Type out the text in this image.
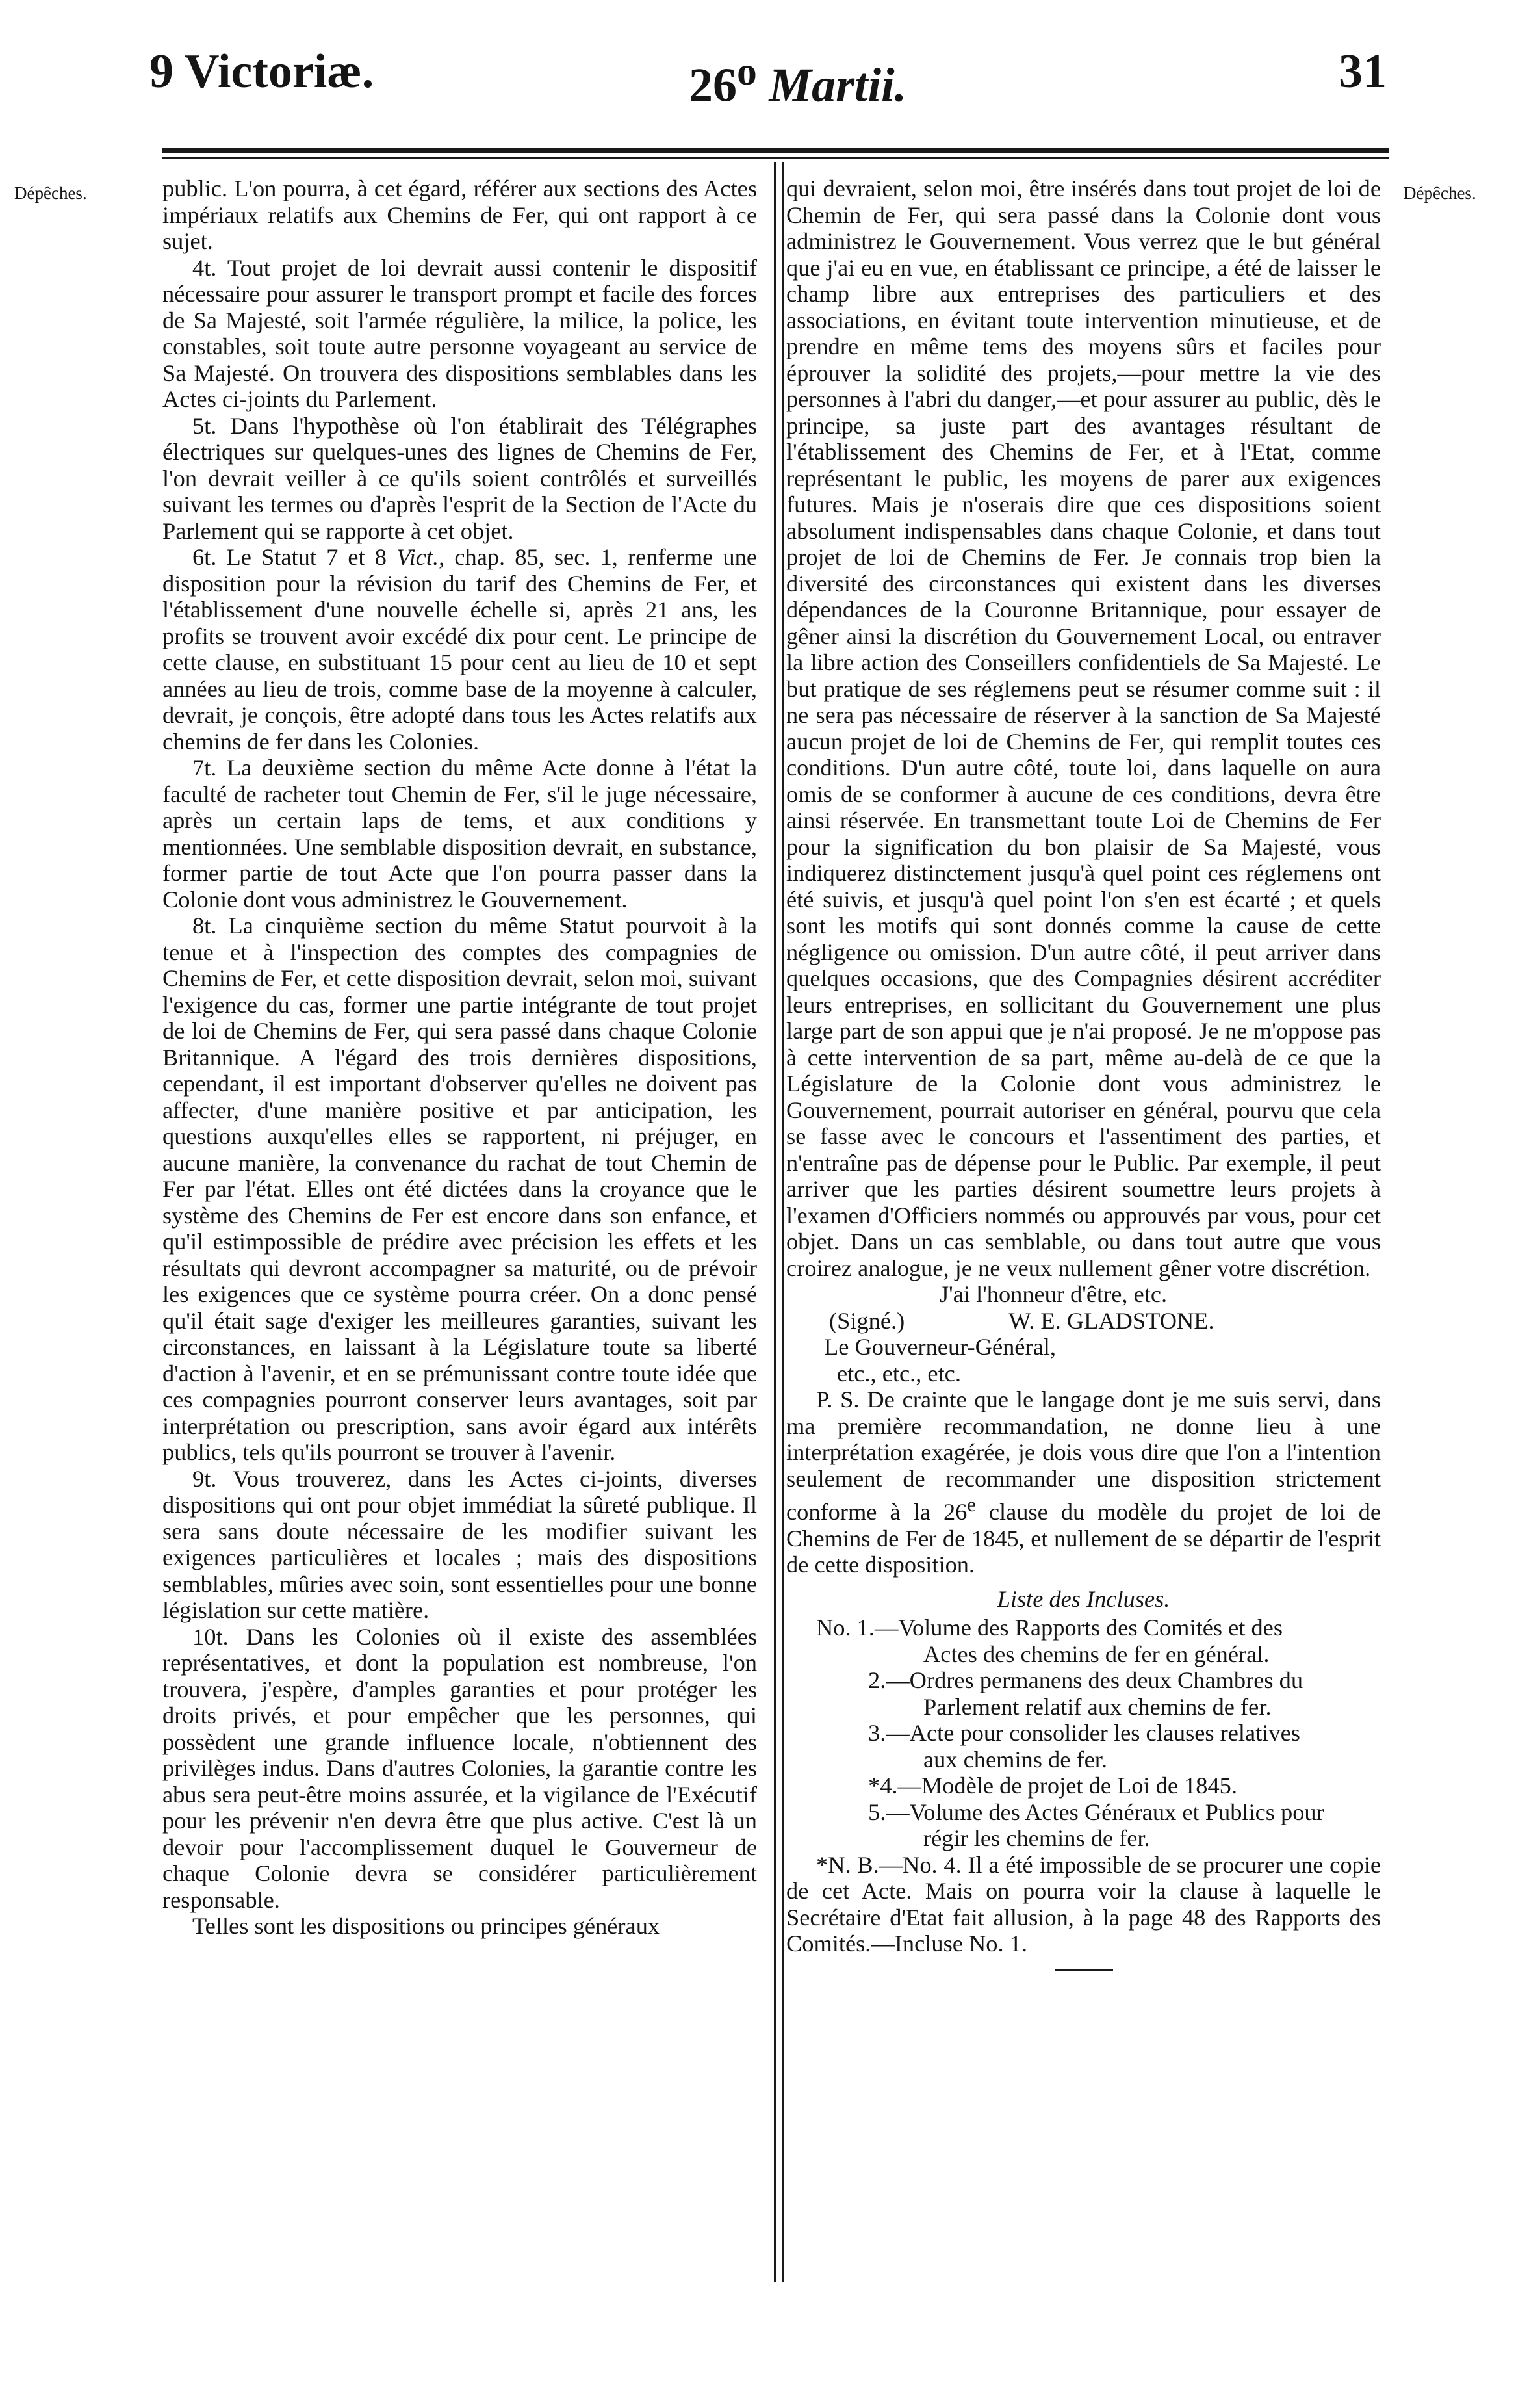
9 Victoriæ.	26$^o$ Martii.	31
Dépêches.	Dépêches.

public. L'on pourra, à cet égard, référer aux sections des Actes impériaux relatifs aux Chemins de Fer, qui ont rapport à ce sujet.

4t. Tout projet de loi devrait aussi contenir le dispositif nécessaire pour assurer le transport prompt et facile des forces de Sa Majesté, soit l'armée régulière, la milice, la police, les constables, soit toute autre personne voyageant au service de Sa Majesté. On trouvera des dispositions semblables dans les Actes ci-joints du Parlement.

5t. Dans l'hypothèse où l'on établirait des Télégraphes électriques sur quelques-unes des lignes de Chemins de Fer, l'on devrait veiller à ce qu'ils soient contrôlés et surveillés suivant les termes ou d'après l'esprit de la Section de l'Acte du Parlement qui se rapporte à cet objet.

6t. Le Statut 7 et 8 Vict., chap. 85, sec. 1, renferme une disposition pour la révision du tarif des Chemins de Fer, et l'établissement d'une nouvelle échelle si, après 21 ans, les profits se trouvent avoir excédé dix pour cent. Le principe de cette clause, en substituant 15 pour cent au lieu de 10 et sept années au lieu de trois, comme base de la moyenne à calculer, devrait, je conçois, être adopté dans tous les Actes relatifs aux chemins de fer dans les Colonies.

7t. La deuxième section du même Acte donne à l'état la faculté de racheter tout Chemin de Fer, s'il le juge nécessaire, après un certain laps de tems, et aux conditions y mentionnées. Une semblable disposition devrait, en substance, former partie de tout Acte que l'on pourra passer dans la Colonie dont vous administrez le Gouvernement.

8t. La cinquième section du même Statut pourvoit à la tenue et à l'inspection des comptes des compagnies de Chemins de Fer, et cette disposition devrait, selon moi, suivant l'exigence du cas, former une partie intégrante de tout projet de loi de Chemins de Fer, qui sera passé dans chaque Colonie Britannique. A l'égard des trois dernières dispositions, cependant, il est important d'observer qu'elles ne doivent pas affecter, d'une manière positive et par anticipation, les questions auxqu'elles elles se rapportent, ni préjuger, en aucune manière, la convenance du rachat de tout Chemin de Fer par l'état. Elles ont été dictées dans la croyance que le système des Chemins de Fer est encore dans son enfance, et qu'il estimpossible de prédire avec précision les effets et les résultats qui devront accompagner sa maturité, ou de prévoir les exigences que ce système pourra créer. On a donc pensé qu'il était sage d'exiger les meilleures garanties, suivant les circonstances, en laissant à la Législature toute sa liberté d'action à l'avenir, et en se prémunissant contre toute idée que ces compagnies pourront conserver leurs avantages, soit par interprétation ou prescription, sans avoir égard aux intérêts publics, tels qu'ils pourront se trouver à l'avenir.

9t. Vous trouverez, dans les Actes ci-joints, diverses dispositions qui ont pour objet immédiat la sûreté publique. Il sera sans doute nécessaire de les modifier suivant les exigences particulières et locales ; mais des dispositions semblables, mûries avec soin, sont essentielles pour une bonne législation sur cette matière.

10t. Dans les Colonies où il existe des assemblées représentatives, et dont la population est nombreuse, l'on trouvera, j'espère, d'amples garanties et pour protéger les droits privés, et pour empêcher que les personnes, qui possèdent une grande influence locale, n'obtiennent des privilèges indus. Dans d'autres Colonies, la garantie contre les abus sera peut-être moins assurée, et la vigilance de l'Exécutif pour les prévenir n'en devra être que plus active. C'est là un devoir pour l'accomplissement duquel le Gouverneur de chaque Colonie devra se considérer particulièrement responsable.

Telles sont les dispositions ou principes généraux

qui devraient, selon moi, être insérés dans tout projet de loi de Chemin de Fer, qui sera passé dans la Colonie dont vous administrez le Gouvernement. Vous verrez que le but général que j'ai eu en vue, en établissant ce principe, a été de laisser le champ libre aux entreprises des particuliers et des associations, en évitant toute intervention minutieuse, et de prendre en même tems des moyens sûrs et faciles pour éprouver la solidité des projets,—pour mettre la vie des personnes à l'abri du danger,—et pour assurer au public, dès le principe, sa juste part des avantages résultant de l'établissement des Chemins de Fer, et à l'Etat, comme représentant le public, les moyens de parer aux exigences futures. Mais je n'oserais dire que ces dispositions soient absolument indispensables dans chaque Colonie, et dans tout projet de loi de Chemins de Fer. Je connais trop bien la diversité des circonstances qui existent dans les diverses dépendances de la Couronne Britannique, pour essayer de gêner ainsi la discrétion du Gouvernement Local, ou entraver la libre action des Conseillers confidentiels de Sa Majesté. Le but pratique de ses réglemens peut se résumer comme suit : il ne sera pas nécessaire de réserver à la sanction de Sa Majesté aucun projet de loi de Chemins de Fer, qui remplit toutes ces conditions. D'un autre côté, toute loi, dans laquelle on aura omis de se conformer à aucune de ces conditions, devra être ainsi réservée. En transmettant toute Loi de Chemins de Fer pour la signification du bon plaisir de Sa Majesté, vous indiquerez distinctement jusqu'à quel point ces réglemens ont été suivis, et jusqu'à quel point l'on s'en est écarté ; et quels sont les motifs qui sont donnés comme la cause de cette négligence ou omission. D'un autre côté, il peut arriver dans quelques occasions, que des Compagnies désirent accréditer leurs entreprises, en sollicitant du Gouvernement une plus large part de son appui que je n'ai proposé. Je ne m'oppose pas à cette intervention de sa part, même au-delà de ce que la Législature de la Colonie dont vous administrez le Gouvernement, pourrait autoriser en général, pourvu que cela se fasse avec le concours et l'assentiment des parties, et n'entraîne pas de dépense pour le Public. Par exemple, il peut arriver que les parties désirent soumettre leurs projets à l'examen d'Officiers nommés ou approuvés par vous, pour cet objet. Dans un cas semblable, ou dans tout autre que vous croirez analogue, je ne veux nullement gêner votre discrétion.

J'ai l'honneur d'être, etc.

(Signé.)	W. E. GLADSTONE.

Le Gouverneur-Général,

etc., etc., etc.

P. S. De crainte que le langage dont je me suis servi, dans ma première recommandation, ne donne lieu à une interprétation exagérée, je dois vous dire que l'on a l'intention seulement de recommander une disposition strictement conforme à la 26e clause du modèle du projet de loi de Chemins de Fer de 1845, et nullement de se départir de l'esprit de cette disposition.

Liste des Incluses.

No. 1.—Volume des Rapports des Comités et des
Actes des chemins de fer en général.

2.—Ordres permanens des deux Chambres du
Parlement relatif aux chemins de fer.

3.—Acte pour consolider les clauses relatives
aux chemins de fer.

*4.—Modèle de projet de Loi de 1845.

5.—Volume des Actes Généraux et Publics pour
régir les chemins de fer.

*N. B.—No. 4. Il a été impossible de se procurer une copie de cet Acte. Mais on pourra voir la clause à laquelle le Secrétaire d'Etat fait allusion, à la page 48 des Rapports des Comités.—Incluse No. 1.
